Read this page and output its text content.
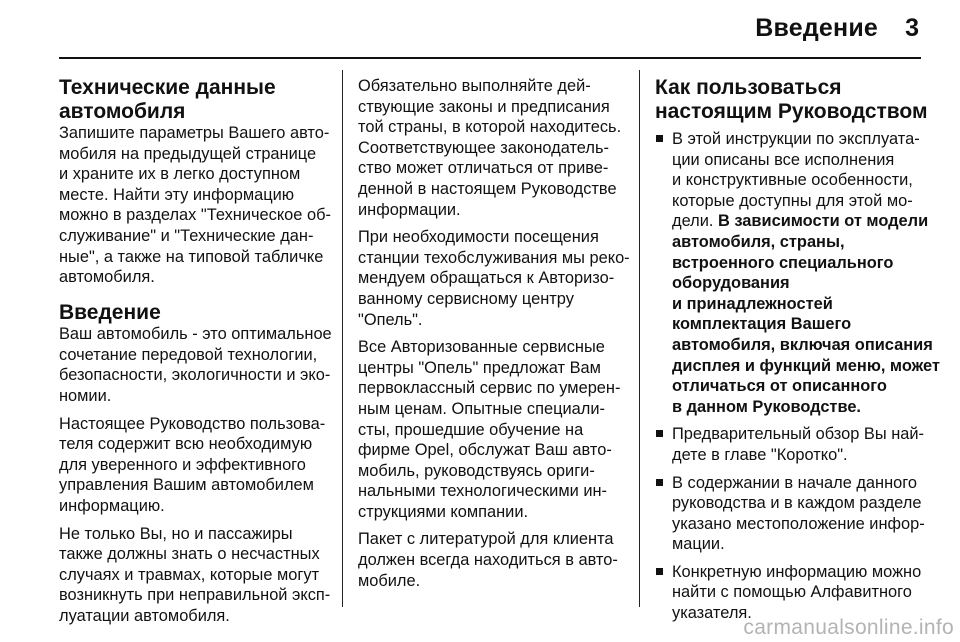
Введение 3
Технические данные
автомобиля

Запишите параметры Вашего авто-
мобиля на предыдущей странице
и храните их в легко доступном
месте. Найти эту информацию
можно в разделах "Техническое об-
служивание" и "Технические дан-
ные", а также на типовой табличке
автомобиля.

Введение

Ваш автомобиль - это оптимальное
сочетание передовой технологии,
безопасности, экологичности и эко-
номии.

Настоящее Руководство пользова-
теля содержит всю необходимую
для уверенного и эффективного
управления Вашим автомобилем
информацию.

Не только Вы, но и пассажиры
также должны знать о несчастных
случаях и травмах, которые могут
возникнуть при неправильной эксп-
луатации автомобиля.

Обязательно выполняйте дей-
ствующие законы и предписания
той страны, в которой находитесь.
Соответствующее законодатель-
ство может отличаться от приве-
денной в настоящем Руководстве
информации.

При необходимости посещения
станции техобслуживания мы реко-
мендуем обращаться к Авторизо-
ванному сервисному центру
"Опель".

Все Авторизованные сервисные
центры "Опель" предложат Вам
первоклассный сервис по умерен-
ным ценам. Опытные специали-
сты, прошедшие обучение на
фирме Opel, обслужат Ваш авто-
мобиль, руководствуясь ориги-
нальными технологическими ин-
струкциями компании.

Пакет с литературой для клиента
должен всегда находиться в авто-
мобиле.

Как пользоваться
настоящим Руководством
В этой инструкции по эксплуата-
ции описаны все исполнения
и конструктивные особенности,
которые доступны для этой мо-
дели. В зависимости от модели
автомобиля, страны,
встроенного специального
оборудования
и принадлежностей
комплектация Вашего
автомобиля, включая описания
дисплея и функций меню, может
отличаться от описанного
в данном Руководстве.
Предварительный обзор Вы най-
дете в главе "Коротко".
В содержании в начале данного
руководства и в каждом разделе
указано местоположение инфор-
мации.
Конкретную информацию можно
найти с помощью Алфавитного
указателя.
carmanualsonline.info
